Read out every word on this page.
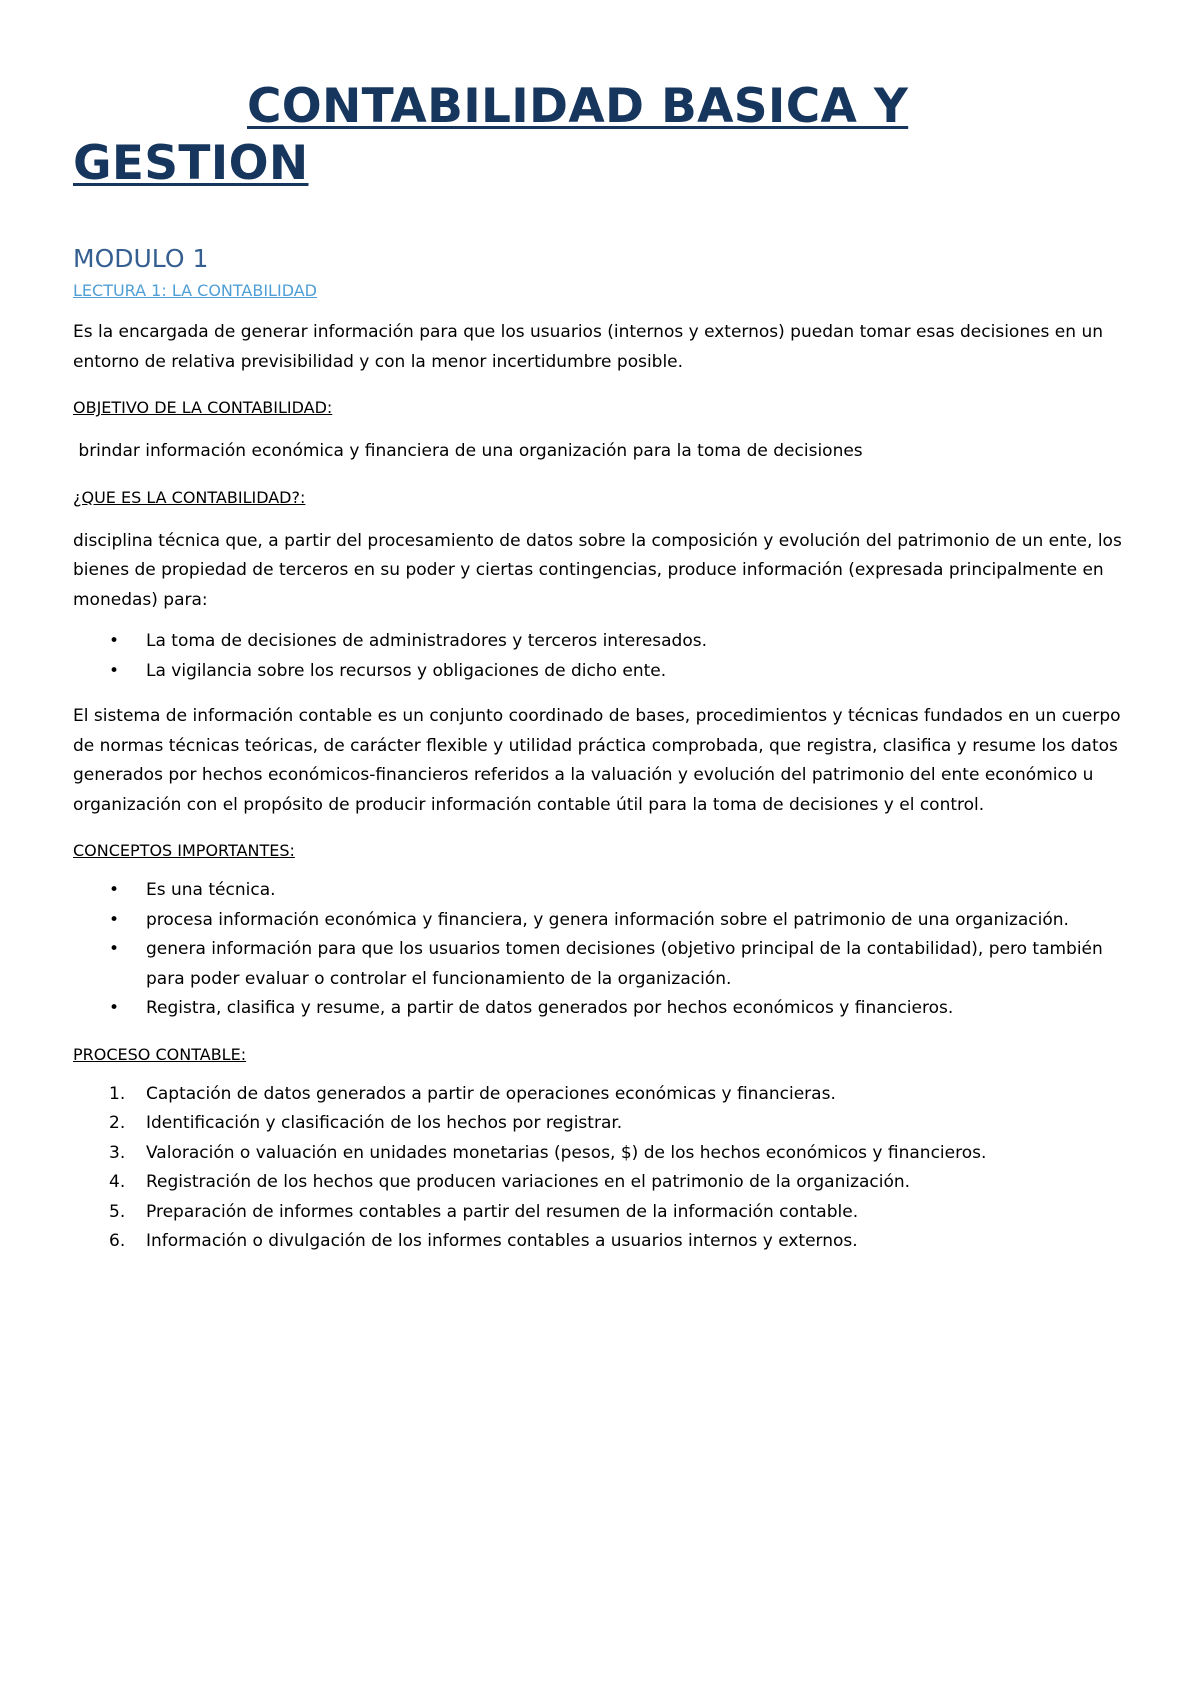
CONTABILIDAD BASICA Y GESTION
MODULO 1
LECTURA 1: LA CONTABILIDAD

Es la encargada de generar información para que los usuarios (internos y externos) puedan tomar esas decisiones en un entorno de relativa previsibilidad y con la menor incertidumbre posible.

OBJETIVO DE LA CONTABILIDAD:

brindar información económica y financiera de una organización para la toma de decisiones

¿QUE ES LA CONTABILIDAD?:

disciplina técnica que, a partir del procesamiento de datos sobre la composición y evolución del patrimonio de un ente, los bienes de propiedad de terceros en su poder y ciertas contingencias, produce información (expresada principalmente en monedas) para:

• La toma de decisiones de administradores y terceros interesados.
• La vigilancia sobre los recursos y obligaciones de dicho ente.

El sistema de información contable es un conjunto coordinado de bases, procedimientos y técnicas fundados en un cuerpo de normas técnicas teóricas, de carácter flexible y utilidad práctica comprobada, que registra, clasifica y resume los datos generados por hechos económicos-financieros referidos a la valuación y evolución del patrimonio del ente económico u organización con el propósito de producir información contable útil para la toma de decisiones y el control.

CONCEPTOS IMPORTANTES:

• Es una técnica.
• procesa información económica y financiera, y genera información sobre el patrimonio de una organización.
• genera información para que los usuarios tomen decisiones (objetivo principal de la contabilidad), pero también para poder evaluar o controlar el funcionamiento de la organización.
• Registra, clasifica y resume, a partir de datos generados por hechos económicos y financieros.

PROCESO CONTABLE:

1.	Captación de datos generados a partir de operaciones económicas y financieras.
2.	Identificación y clasificación de los hechos por registrar.
3.	Valoración o valuación en unidades monetarias (pesos, $) de los hechos económicos y financieros.
4.	Registración de los hechos que producen variaciones en el patrimonio de la organización.
5.	Preparación de informes contables a partir del resumen de la información contable.
6.	Información o divulgación de los informes contables a usuarios internos y externos.
